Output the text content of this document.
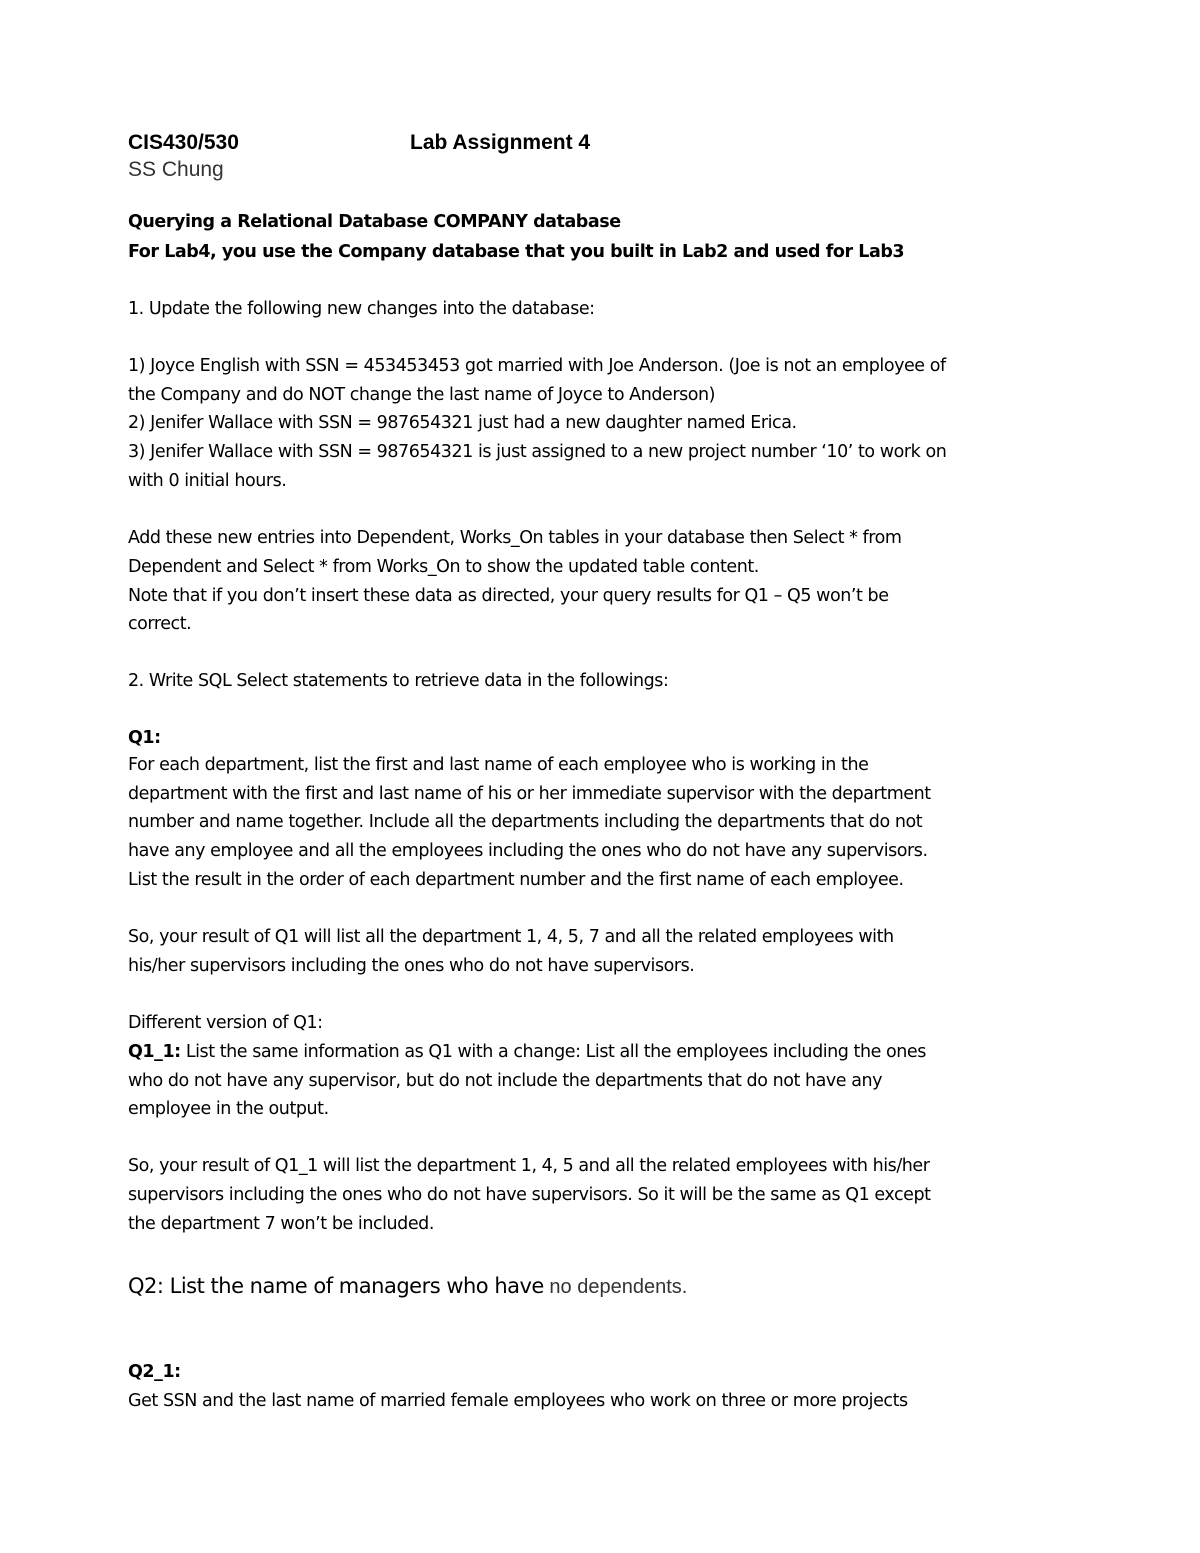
CIS430/530	Lab Assignment 4
SS Chung
Querying a Relational Database COMPANY database
For Lab4, you use the Company database that you built in Lab2 and used for Lab3
1. Update the following new changes into the database:
1) Joyce English with SSN = 453453453 got married with Joe Anderson. (Joe is not an employee of
the Company and do NOT change the last name of Joyce to Anderson)
2) Jenifer Wallace with SSN = 987654321 just had a new daughter named Erica.
3) Jenifer Wallace with SSN = 987654321 is just assigned to a new project number ‘10’ to work on
with 0 initial hours.
Add these new entries into Dependent, Works_On tables in your database then Select * from
Dependent and Select * from Works_On to show the updated table content.
Note that if you don’t insert these data as directed, your query results for Q1 – Q5 won’t be
correct.
2. Write SQL Select statements to retrieve data in the followings:
Q1:
For each department, list the first and last name of each employee who is working in the
department with the first and last name of his or her immediate supervisor with the department
number and name together. Include all the departments including the departments that do not
have any employee and all the employees including the ones who do not have any supervisors.
List the result in the order of each department number and the first name of each employee.
So, your result of Q1 will list all the department 1, 4, 5, 7 and all the related employees with
his/her supervisors including the ones who do not have supervisors.
Different version of Q1:
Q1_1: List the same information as Q1 with a change: List all the employees including the ones
who do not have any supervisor, but do not include the departments that do not have any
employee in the output.
So, your result of Q1_1 will list the department 1, 4, 5 and all the related employees with his/her
supervisors including the ones who do not have supervisors. So it will be the same as Q1 except
the department 7 won’t be included.
Q2: List the name of managers who have no dependents.
Q2_1:
Get SSN and the last name of married female employees who work on three or more projects
